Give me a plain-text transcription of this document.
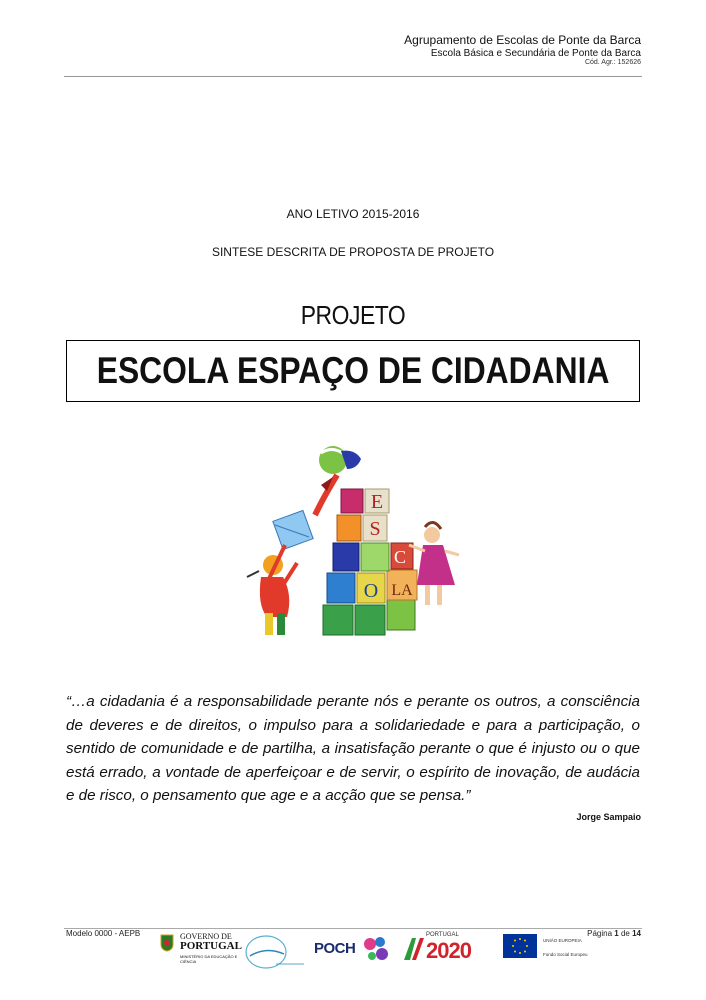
Agrupamento de Escolas de Ponte da Barca
Escola Básica e Secundária de Ponte da Barca
Cód. Agr.: 152626
ANO LETIVO 2015-2016
SINTESE DESCRITA DE PROPOSTA DE PROJETO
PROJETO
ESCOLA ESPAÇO DE CIDADANIA
E
S
C
O LA
“…a cidadania é a responsabilidade perante nós e perante os outros, a consciência de deveres e de direitos, o impulso para a solidariedade e para a participação, o sentido de comunidade e de partilha, a insatisfação perante o que é injusto ou o que está errado, a vontade de aperfeiçoar e de servir, o espírito de inovação, de audácia e de risco, o pensamento que age e a acção que se pensa.”
Jorge Sampaio
Modelo 0000 - AEPB	Página 1 de 14
GOVERNO DE
PORTUGAL
MINISTÉRIO DA EDUCAÇÃO E CIÊNCIA
POCH
PORTUGAL
2020	UNIÃO EUROPEIA
Fundo Social Europeu
